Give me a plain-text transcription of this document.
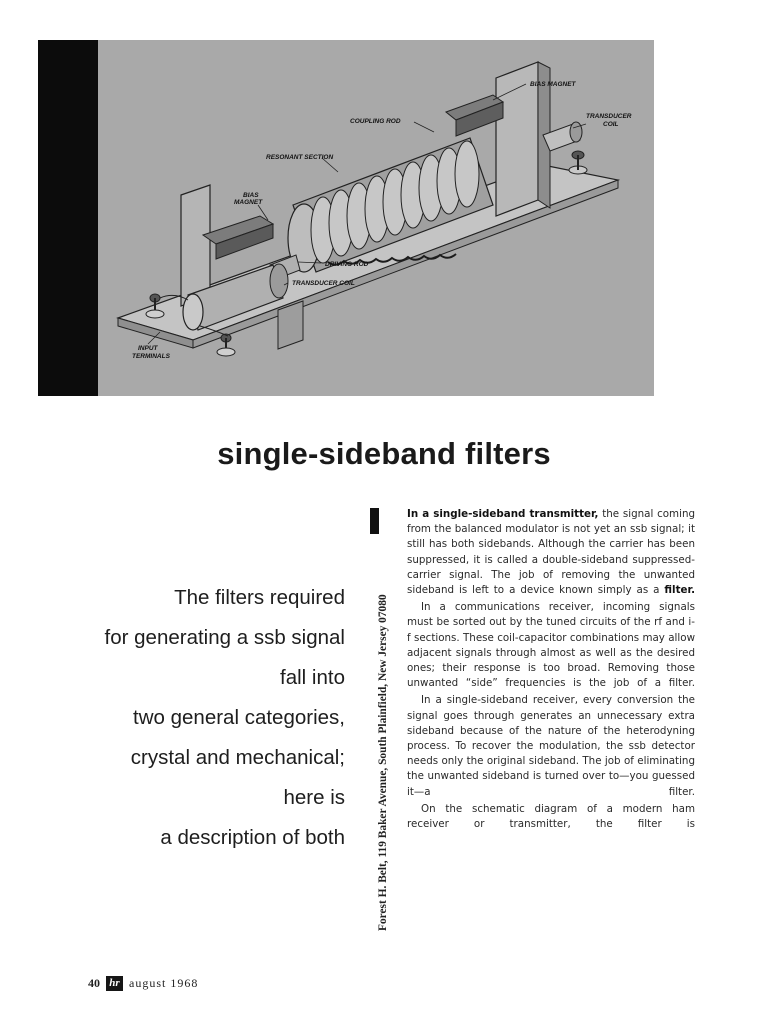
BIAS MAGNET
TRANSDUCER
COIL
COUPLING ROD
RESONANT SECTION
BIAS
MAGNET
DRIVING ROD
TRANSDUCER COIL
INPUT
TERMINALS
single-sideband filters
The filters required
for generating a ssb signal
fall into
two general categories,
crystal and mechanical;
here is
a description of both	Forest H. Belt, 119 Baker Avenue, South Plainfield, New Jersey 07080

In a single-sideband transmitter, the signal coming from the balanced modulator is not yet an ssb signal; it still has both sidebands. Although the carrier has been suppressed, it is called a double-sideband suppressed-carrier signal. The job of removing the unwanted sideband is left to a device known simply as a filter.

In a communications receiver, incoming signals must be sorted out by the tuned circuits of the rf and i-f sections. These coil-capacitor combinations may allow adjacent signals through almost as well as the desired ones; their response is too broad. Removing those unwanted “side” frequencies is the job of a filter.

In a single-sideband receiver, every conversion the signal goes through generates an unnecessary extra sideband because of the nature of the heterodyning process. To recover the modulation, the ssb detector needs only the original sideband. The job of eliminating the unwanted sideband is turned over to—you guessed it—a filter.

On the schematic diagram of a modern ham receiver or transmitter, the filter is

40 hr august 1968
